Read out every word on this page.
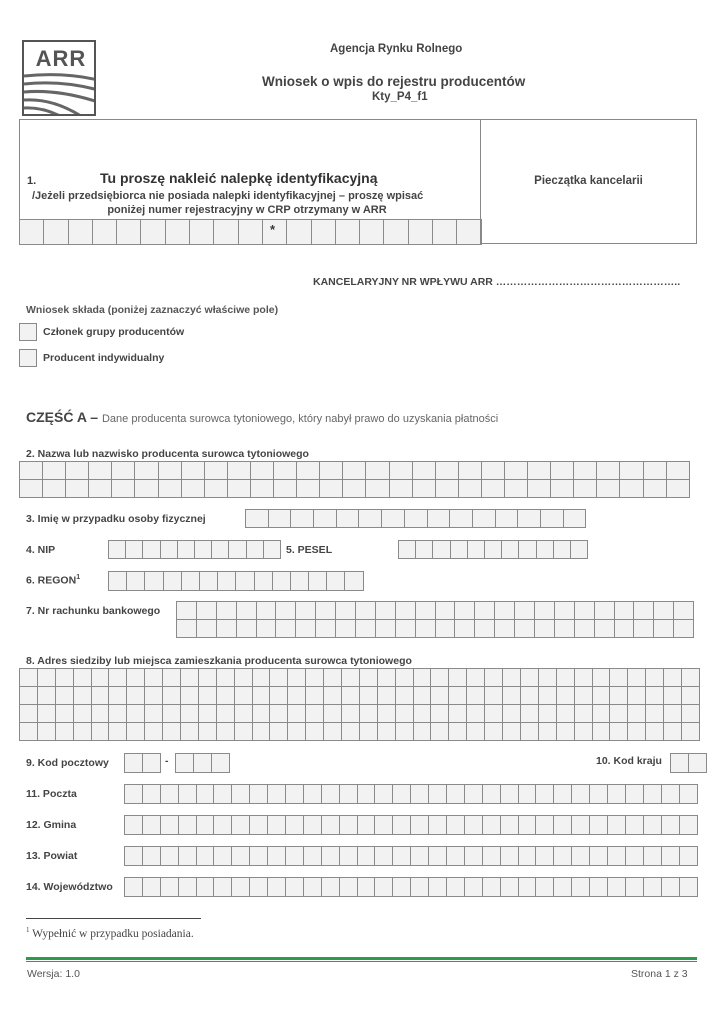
ARR	Agencja Rynku Rolnego
Wniosek o wpis do rejestru producentów
Kty_P4_f1
1.	Tu proszę nakleić nalepkę identyfikacyjną
/Jeżeli przedsiębiorca nie posiada nalepki identyfikacyjnej – proszę wpisać
poniżej numer rejestracyjny w CRP otrzymany w ARR
*
Pieczątka kancelarii
KANCELARYJNY NR WPŁYWU ARR ……………………………………………..
Wniosek składa (poniżej zaznaczyć właściwe pole)
Członek grupy producentów
Producent indywidualny
CZĘŚĆ A – Dane producenta surowca tytoniowego, który nabył prawo do uzyskania płatności
2. Nazwa lub nazwisko producenta surowca tytoniowego
3. Imię w przypadku osoby fizycznej
4. NIP	5. PESEL
6. REGON$^1$
7. Nr rachunku bankowego
8. Adres siedziby lub miejsca zamieszkania producenta surowca tytoniowego
9. Kod pocztowy	-	10. Kod kraju
11. Poczta
12. Gmina
13. Powiat
14. Województwo
$^1$ Wypełnić w przypadku posiadania.
Wersja: 1.0	Strona 1 z 3
